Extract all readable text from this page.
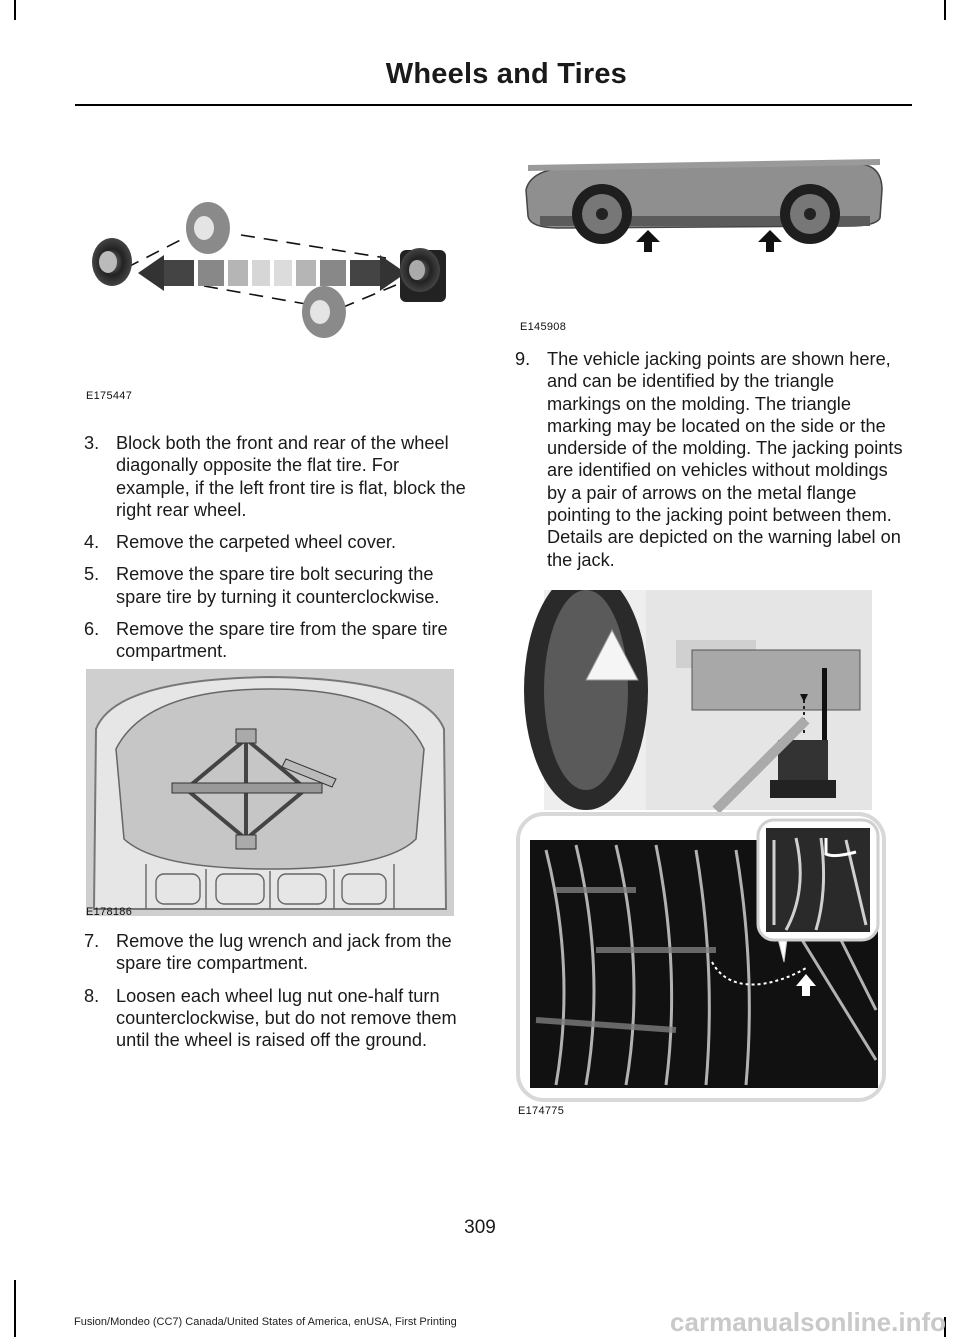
Wheels and Tires
E175447
3. Block both the front and rear of the wheel diagonally opposite the flat tire. For example, if the left front tire is flat, block the right rear wheel.
4. Remove the carpeted wheel cover.
5. Remove the spare tire bolt securing the spare tire by turning it counterclockwise.
6. Remove the spare tire from the spare tire compartment.
E178186
7. Remove the lug wrench and jack from the spare tire compartment.
8. Loosen each wheel lug nut one-half turn counterclockwise, but do not remove them until the wheel is raised off the ground.
E145908
9. The vehicle jacking points are shown here, and can be identified by the triangle markings on the molding. The triangle marking may be located on the side or the underside of the molding. The jacking points are identified on vehicles without moldings by a pair of arrows on the metal flange pointing to the jacking point between them. Details are depicted on the warning label on the jack.
E174775
309
Fusion/Mondeo (CC7) Canada/United States of America, enUSA, First Printing	carmanualsonline.info
